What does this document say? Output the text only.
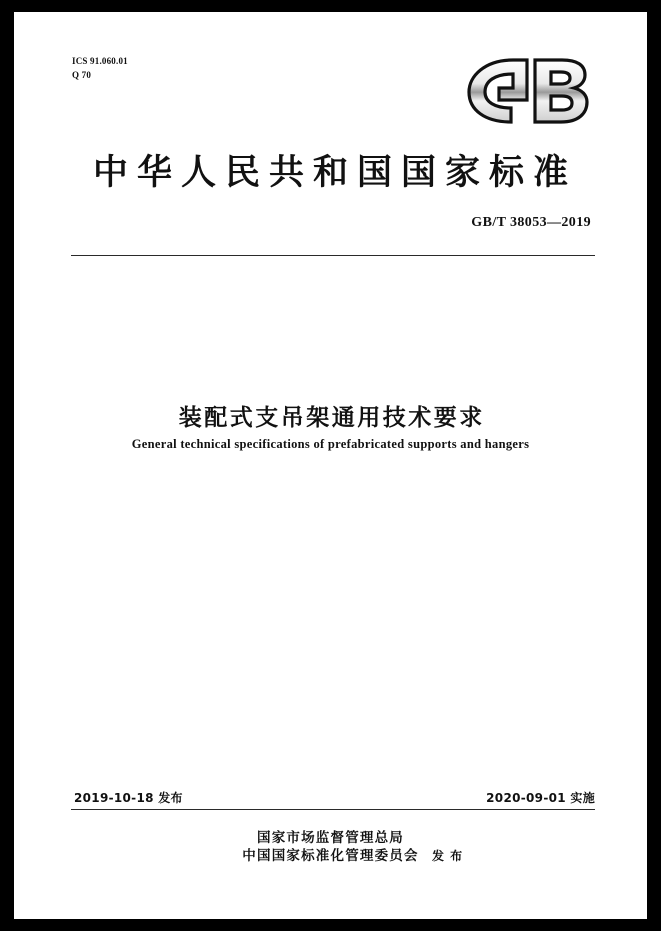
ICS 91.060.01
Q 70
中华人民共和国国家标准
GB/T 38053—2019
装配式支吊架通用技术要求
General technical specifications of prefabricated supports and hangers
2019-10-18 发布	2020-09-01 实施
国家市场监督管理总局
中国国家标准化管理委员会	发 布
